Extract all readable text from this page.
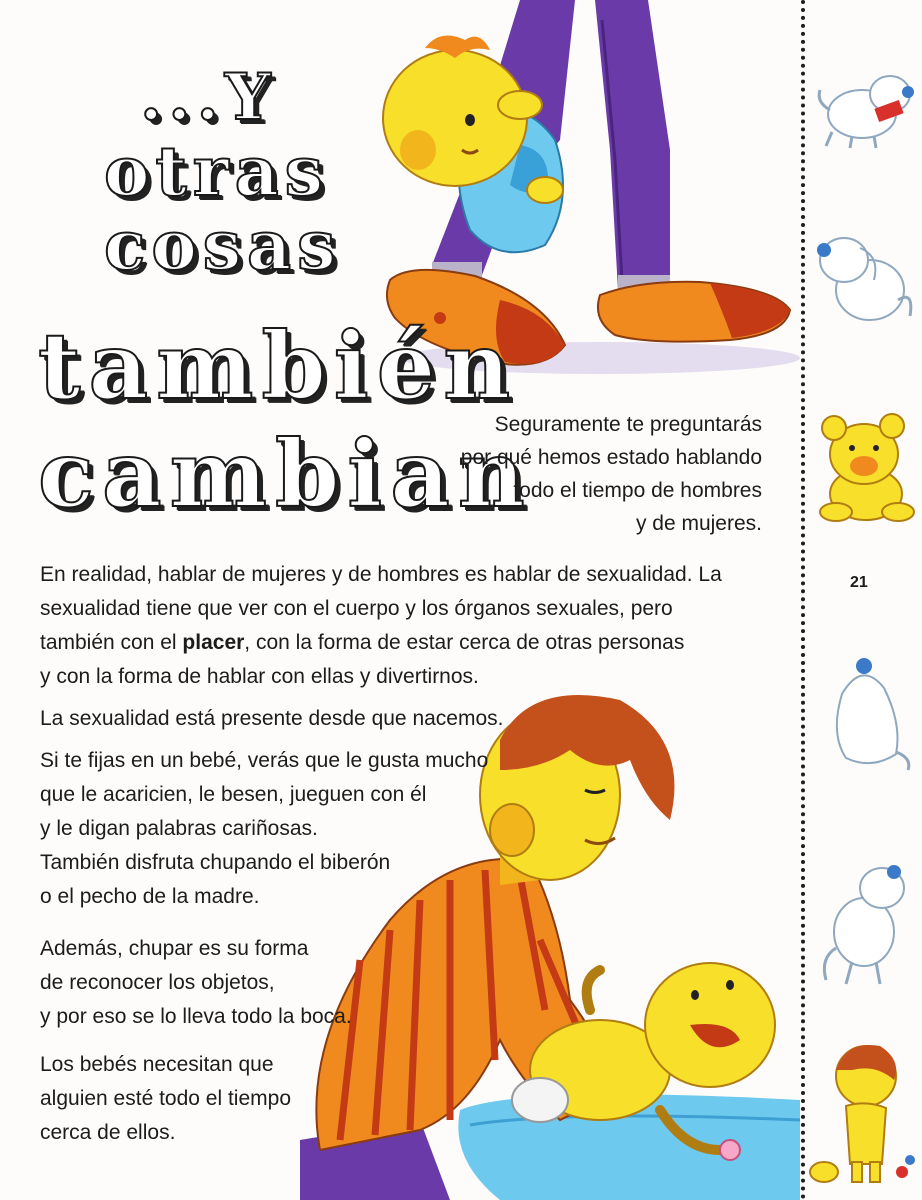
...Y
otras
cosas
también
cambian
Seguramente te preguntarás
por qué hemos estado hablando
todo el tiempo de hombres
y de mujeres.

En realidad, hablar de mujeres y de hombres es hablar de sexualidad. La
sexualidad tiene que ver con el cuerpo y los órganos sexuales, pero
también con el placer, con la forma de estar cerca de otras personas
y con la forma de hablar con ellas y divertirnos.

La sexualidad está presente desde que nacemos.

Si te fijas en un bebé, verás que le gusta mucho
que le acaricien, le besen, jueguen con él
y le digan palabras cariñosas.
También disfruta chupando el biberón
o el pecho de la madre.

Además, chupar es su forma
de reconocer los objetos,
y por eso se lo lleva todo la boca.

Los bebés necesitan que
alguien esté todo el tiempo
cerca de ellos.

21
